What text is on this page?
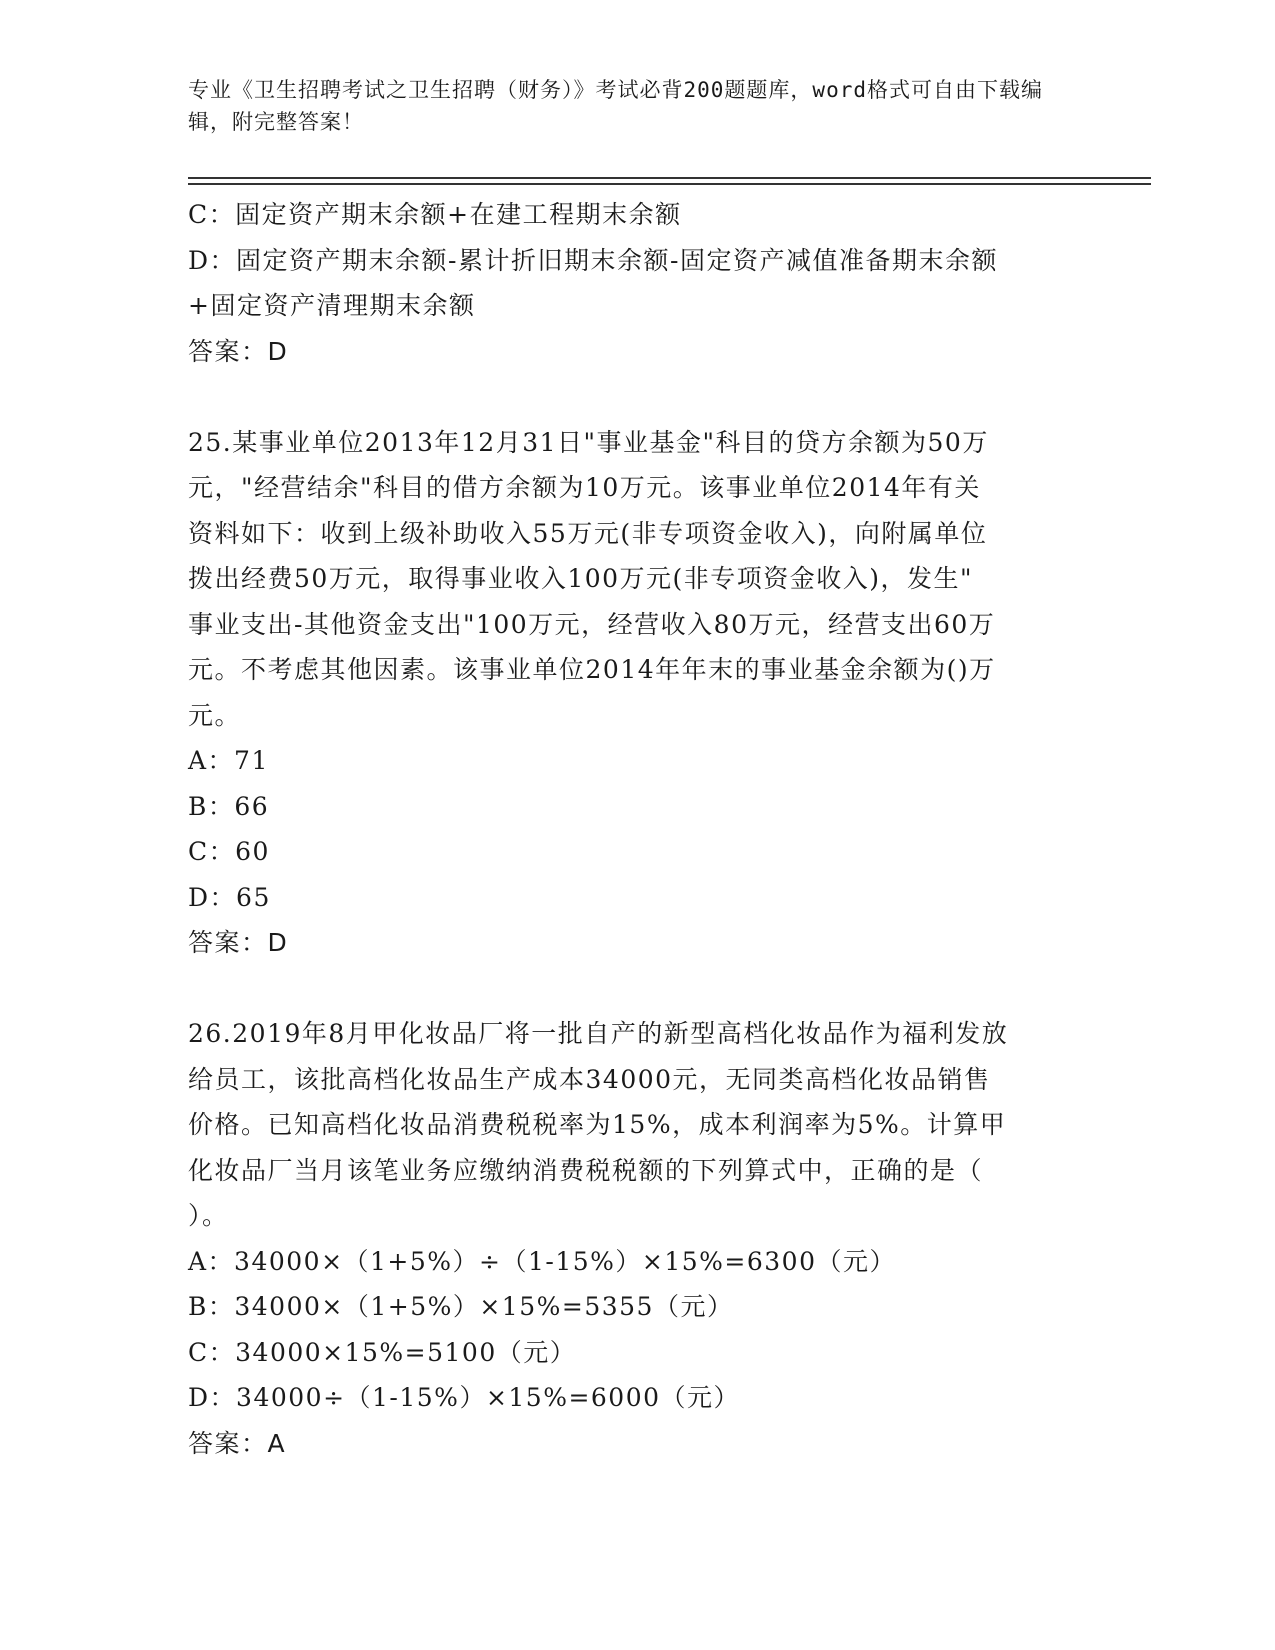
专业《卫生招聘考试之卫生招聘（财务）》考试必背200题题库，word格式可自由下载编辑，附完整答案！

C：固定资产期末余额+在建工程期末余额

D：固定资产期末余额-累计折旧期末余额-固定资产减值准备期末余额

+固定资产清理期末余额

答案：D

25.某事业单位2013年12月31日"事业基金"科目的贷方余额为50万

元，"经营结余"科目的借方余额为10万元。该事业单位2014年有关

资料如下：收到上级补助收入55万元(非专项资金收入)，向附属单位

拨出经费50万元，取得事业收入100万元(非专项资金收入)，发生"

事业支出-其他资金支出"100万元，经营收入80万元，经营支出60万

元。不考虑其他因素。该事业单位2014年年末的事业基金余额为()万

元。

A：71

B：66

C：60

D：65

答案：D

26.2019年8月甲化妆品厂将一批自产的新型高档化妆品作为福利发放

给员工，该批高档化妆品生产成本34000元，无同类高档化妆品销售

价格。已知高档化妆品消费税税率为15%，成本利润率为5%。计算甲

化妆品厂当月该笔业务应缴纳消费税税额的下列算式中，正确的是（

）。

A：34000×（1+5%）÷（1-15%）×15%=6300（元）

B：34000×（1+5%）×15%=5355（元）

C：34000×15%=5100（元）

D：34000÷（1-15%）×15%=6000（元）

答案：A
